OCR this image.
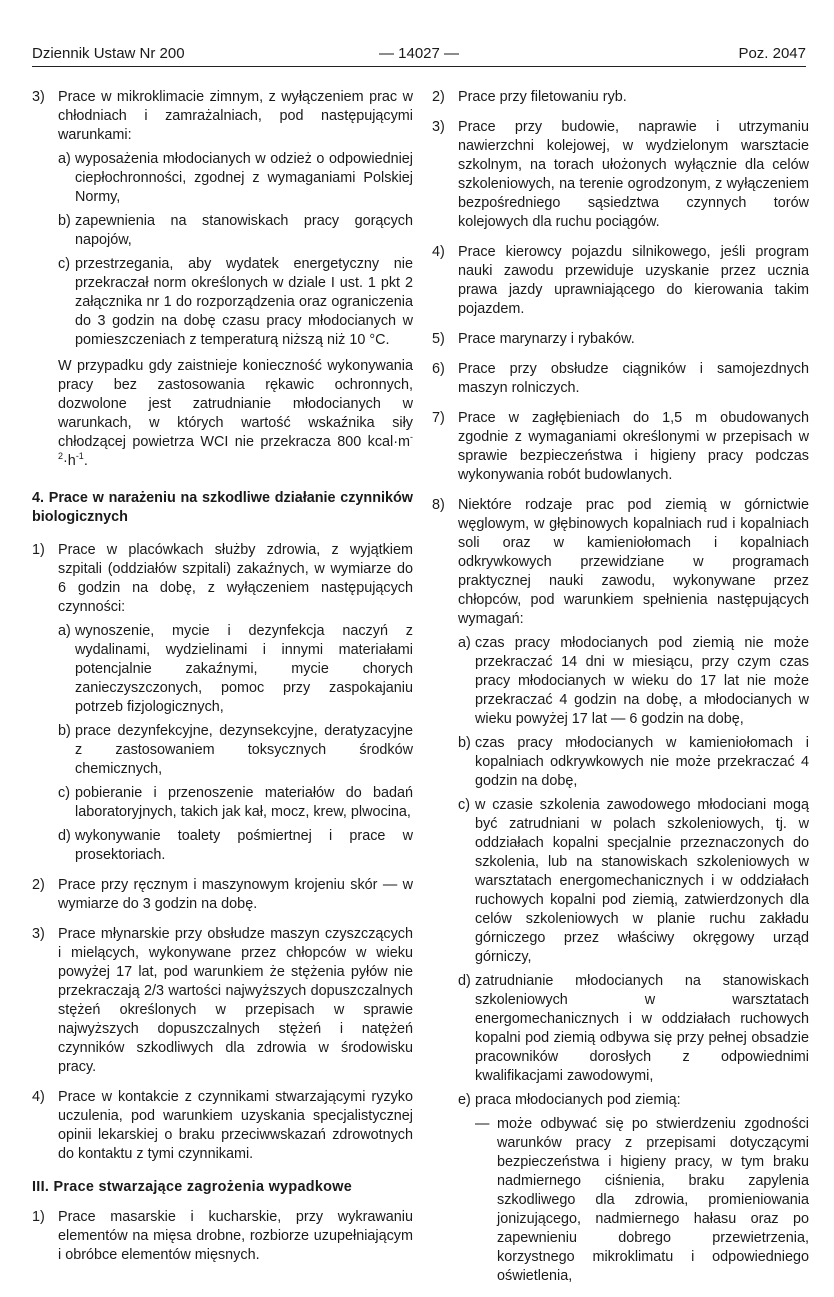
Dziennik Ustaw Nr 200	— 14027 —	Poz. 2047
3) Prace w mikroklimacie zimnym, z wyłączeniem prac w chłodniach i zamrażalniach, pod następującymi warunkami:

a) wyposażenia młodocianych w odzież o odpowiedniej ciepłochronności, zgodnej z wymaganiami Polskiej Normy,

b) zapewnienia na stanowiskach pracy gorących napojów,

c) przestrzegania, aby wydatek energetyczny nie przekraczał norm określonych w dziale I ust. 1 pkt 2 załącznika nr 1 do rozporządzenia oraz ograniczenia do 3 godzin na dobę czasu pracy młodocianych w pomieszczeniach z temperaturą niższą niż 10 °C.

W przypadku gdy zaistnieje konieczność wykonywania pracy bez zastosowania rękawic ochronnych, dozwolone jest zatrudnianie młodocianych w warunkach, w których wartość wskaźnika siły chłodzącej powietrza WCI nie przekracza 800 $kcal\cdot m^{-2}\cdot h^{-1}$.

4. Prace w narażeniu na szkodliwe działanie czynników biologicznych

1) Prace w placówkach służby zdrowia, z wyjątkiem szpitali (oddziałów szpitali) zakaźnych, w wymiarze do 6 godzin na dobę, z wyłączeniem następujących czynności:

a) wynoszenie, mycie i dezynfekcja naczyń z wydalinami, wydzielinami i innymi materiałami potencjalnie zakaźnymi, mycie chorych zanieczyszczonych, pomoc przy zaspokajaniu potrzeb fizjologicznych,

b) prace dezynfekcyjne, dezynsekcyjne, deratyzacyjne z zastosowaniem toksycznych środków chemicznych,

c) pobieranie i przenoszenie materiałów do badań laboratoryjnych, takich jak kał, mocz, krew, plwocina,

d) wykonywanie toalety pośmiertnej i prace w prosektoriach.

2) Prace przy ręcznym i maszynowym krojeniu skór — w wymiarze do 3 godzin na dobę.

3) Prace młynarskie przy obsłudze maszyn czyszczących i mielących, wykonywane przez chłopców w wieku powyżej 17 lat, pod warunkiem że stężenia pyłów nie przekraczają 2/3 wartości najwyższych dopuszczalnych stężeń określonych w przepisach w sprawie najwyższych dopuszczalnych stężeń i natężeń czynników szkodliwych dla zdrowia w środowisku pracy.

4) Prace w kontakcie z czynnikami stwarzającymi ryzyko uczulenia, pod warunkiem uzyskania specjalistycznej opinii lekarskiej o braku przeciwwskazań zdrowotnych do kontaktu z tymi czynnikami.

III. Prace stwarzające zagrożenia wypadkowe

1) Prace masarskie i kucharskie, przy wykrawaniu elementów na mięsa drobne, rozbiorze uzupełniającym i obróbce elementów mięsnych.

2) Prace przy filetowaniu ryb.

3) Prace przy budowie, naprawie i utrzymaniu nawierzchni kolejowej, w wydzielonym warsztacie szkolnym, na torach ułożonych wyłącznie dla celów szkoleniowych, na terenie ogrodzonym, z wyłączeniem bezpośredniego sąsiedztwa czynnych torów kolejowych dla ruchu pociągów.

4) Prace kierowcy pojazdu silnikowego, jeśli program nauki zawodu przewiduje uzyskanie przez ucznia prawa jazdy uprawniającego do kierowania takim pojazdem.

5) Prace marynarzy i rybaków.

6) Prace przy obsłudze ciągników i samojezdnych maszyn rolniczych.

7) Prace w zagłębieniach do 1,5 m obudowanych zgodnie z wymaganiami określonymi w przepisach w sprawie bezpieczeństwa i higieny pracy podczas wykonywania robót budowlanych.

8) Niektóre rodzaje prac pod ziemią w górnictwie węglowym, w głębinowych kopalniach rud i kopalniach soli oraz w kamieniołomach i kopalniach odkrywkowych przewidziane w programach praktycznej nauki zawodu, wykonywane przez chłopców, pod warunkiem spełnienia następujących wymagań:

a) czas pracy młodocianych pod ziemią nie może przekraczać 14 dni w miesiącu, przy czym czas pracy młodocianych w wieku do 17 lat nie może przekraczać 4 godzin na dobę, a młodocianych w wieku powyżej 17 lat — 6 godzin na dobę,

b) czas pracy młodocianych w kamieniołomach i kopalniach odkrywkowych nie może przekraczać 4 godzin na dobę,

c) w czasie szkolenia zawodowego młodociani mogą być zatrudniani w polach szkoleniowych, tj. w oddziałach kopalni specjalnie przeznaczonych do szkolenia, lub na stanowiskach szkoleniowych w warsztatach energomechanicznych i w oddziałach ruchowych kopalni pod ziemią, zatwierdzonych dla celów szkoleniowych w planie ruchu zakładu górniczego przez właściwy okręgowy urząd górniczy,

d) zatrudnianie młodocianych na stanowiskach szkoleniowych w warsztatach energomechanicznych i w oddziałach ruchowych kopalni pod ziemią odbywa się przy pełnej obsadzie pracowników dorosłych z odpowiednimi kwalifikacjami zawodowymi,

e) praca młodocianych pod ziemią:

— może odbywać się po stwierdzeniu zgodności warunków pracy z przepisami dotyczącymi bezpieczeństwa i higieny pracy, w tym braku nadmiernego ciśnienia, braku zapylenia szkodliwego dla zdrowia, promieniowania jonizującego, nadmiernego hałasu oraz po zapewnieniu dobrego przewietrzenia, korzystnego mikroklimatu i odpowiedniego oświetlenia,
